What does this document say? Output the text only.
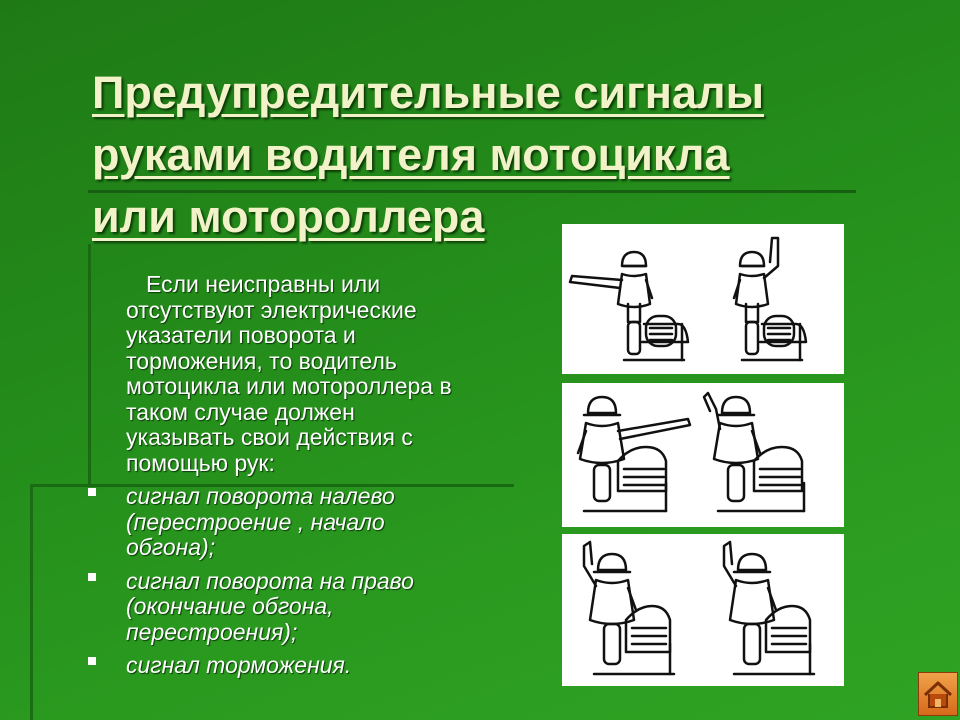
Предупредительные сигналы
руками водителя мотоцикла
или мотороллера
Если неисправны или
отсутствуют электрические
указатели поворота и
торможения, то водитель
мотоцикла или мотороллера в
таком случае должен
указывать свои действия с
помощью рук:
сигнал поворота налево
(перестроение , начало
обгона);
сигнал поворота на право
(окончание обгона,
перестроения);
сигнал торможения.
